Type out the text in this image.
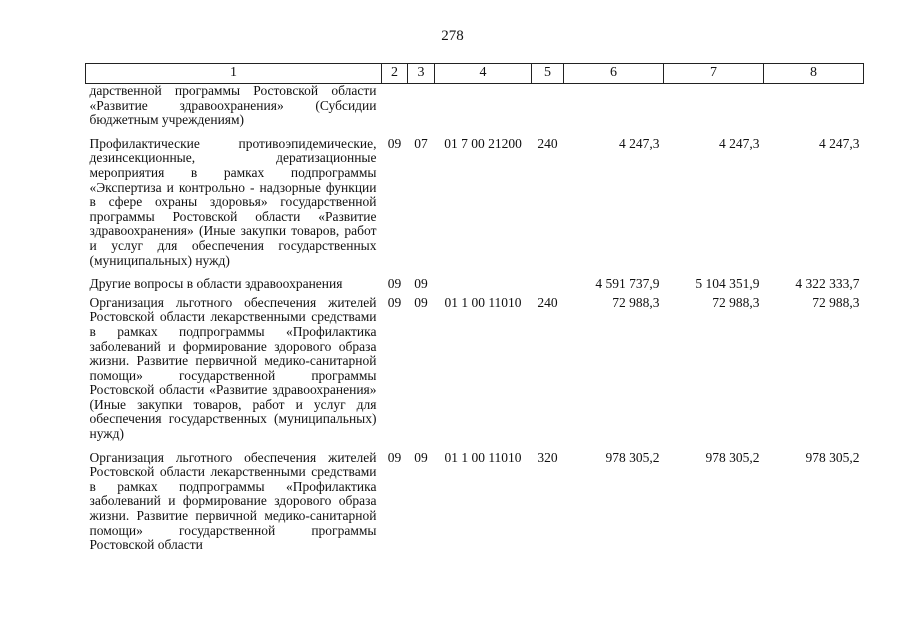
278
1	2	3	4	5	6	7	8
дарственной программы Ростовской области «Развитие здравоохранения» (Субсидии бюджетным учреждениям)							

Профилактические противоэпидемические, дезинсекционные, дератизационные мероприятия в рамках подпрограммы «Экспертиза и контрольно - надзорные функции в сфере охраны здоровья» государственной программы Ростовской области «Развитие здравоохранения» (Иные закупки товаров, работ и услуг для обеспечения государственных (муниципальных) нужд)	09	07	01 7 00 21200	240	4 247,3	4 247,3	4 247,3

Другие вопросы в области здравоохранения	09	09			4 591 737,9	5 104 351,9	4 322 333,7

Организация льготного обеспечения жителей Ростовской области лекарственными средствами в рамках подпрограммы «Профилактика заболеваний и формирование здорового образа жизни. Развитие первичной медико-санитарной помощи» государственной программы Ростовской области «Развитие здравоохранения» (Иные закупки товаров, работ и услуг для обеспечения государственных (муниципальных) нужд)	09	09	01 1 00 11010	240	72 988,3	72 988,3	72 988,3

Организация льготного обеспечения жителей Ростовской области лекарственными средствами в рамках подпрограммы «Профилактика заболеваний и формирование здорового образа жизни. Развитие первичной медико-санитарной помощи» государственной программы Ростовской области	09	09	01 1 00 11010	320	978 305,2	978 305,2	978 305,2
